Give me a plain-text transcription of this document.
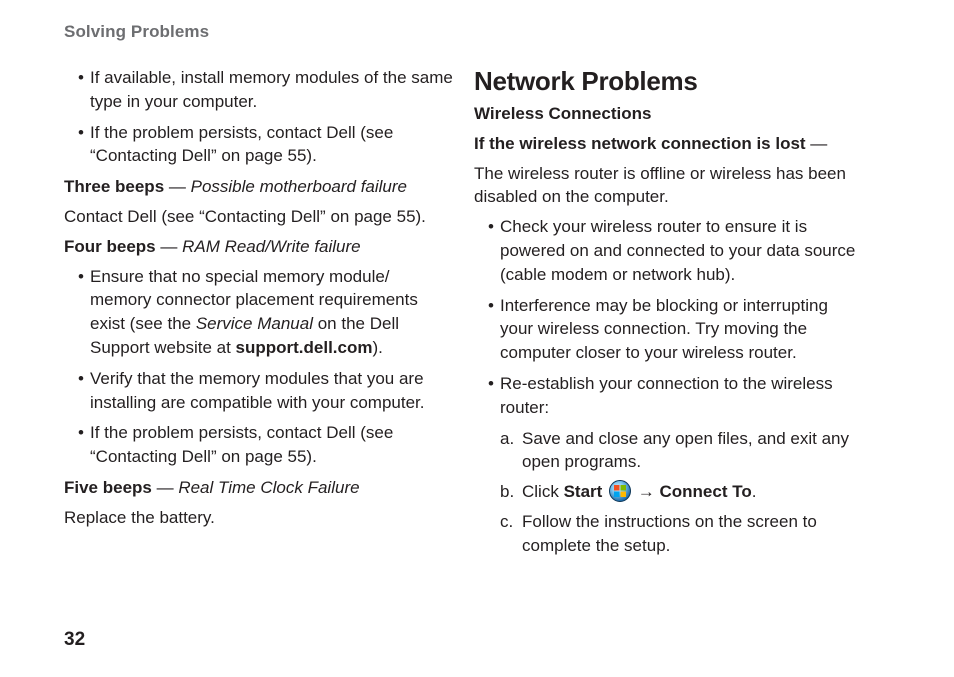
Solving Problems
• If available, install memory modules of the same type in your computer.
• If the problem persists, contact Dell (see “Contacting Dell” on page 55).
Three beeps — Possible motherboard failure
Contact Dell (see “Contacting Dell” on page 55).
Four beeps — RAM Read/Write failure
• Ensure that no special memory module/ memory connector placement requirements exist (see the Service Manual on the Dell Support website at support.dell.com).
• Verify that the memory modules that you are installing are compatible with your computer.
• If the problem persists, contact Dell (see “Contacting Dell” on page 55).
Five beeps — Real Time Clock Failure
Replace the battery.
Network Problems
Wireless Connections
If the wireless network connection is lost —
The wireless router is offline or wireless has been disabled on the computer.
• Check your wireless router to ensure it is powered on and connected to your data source (cable modem or network hub).
• Interference may be blocking or interrupting your wireless connection. Try moving the computer closer to your wireless router.
• Re-establish your connection to the wireless router:
a. Save and close any open files, and exit any open programs.
b. Click Start
→ Connect To.
c. Follow the instructions on the screen to complete the setup.
32
